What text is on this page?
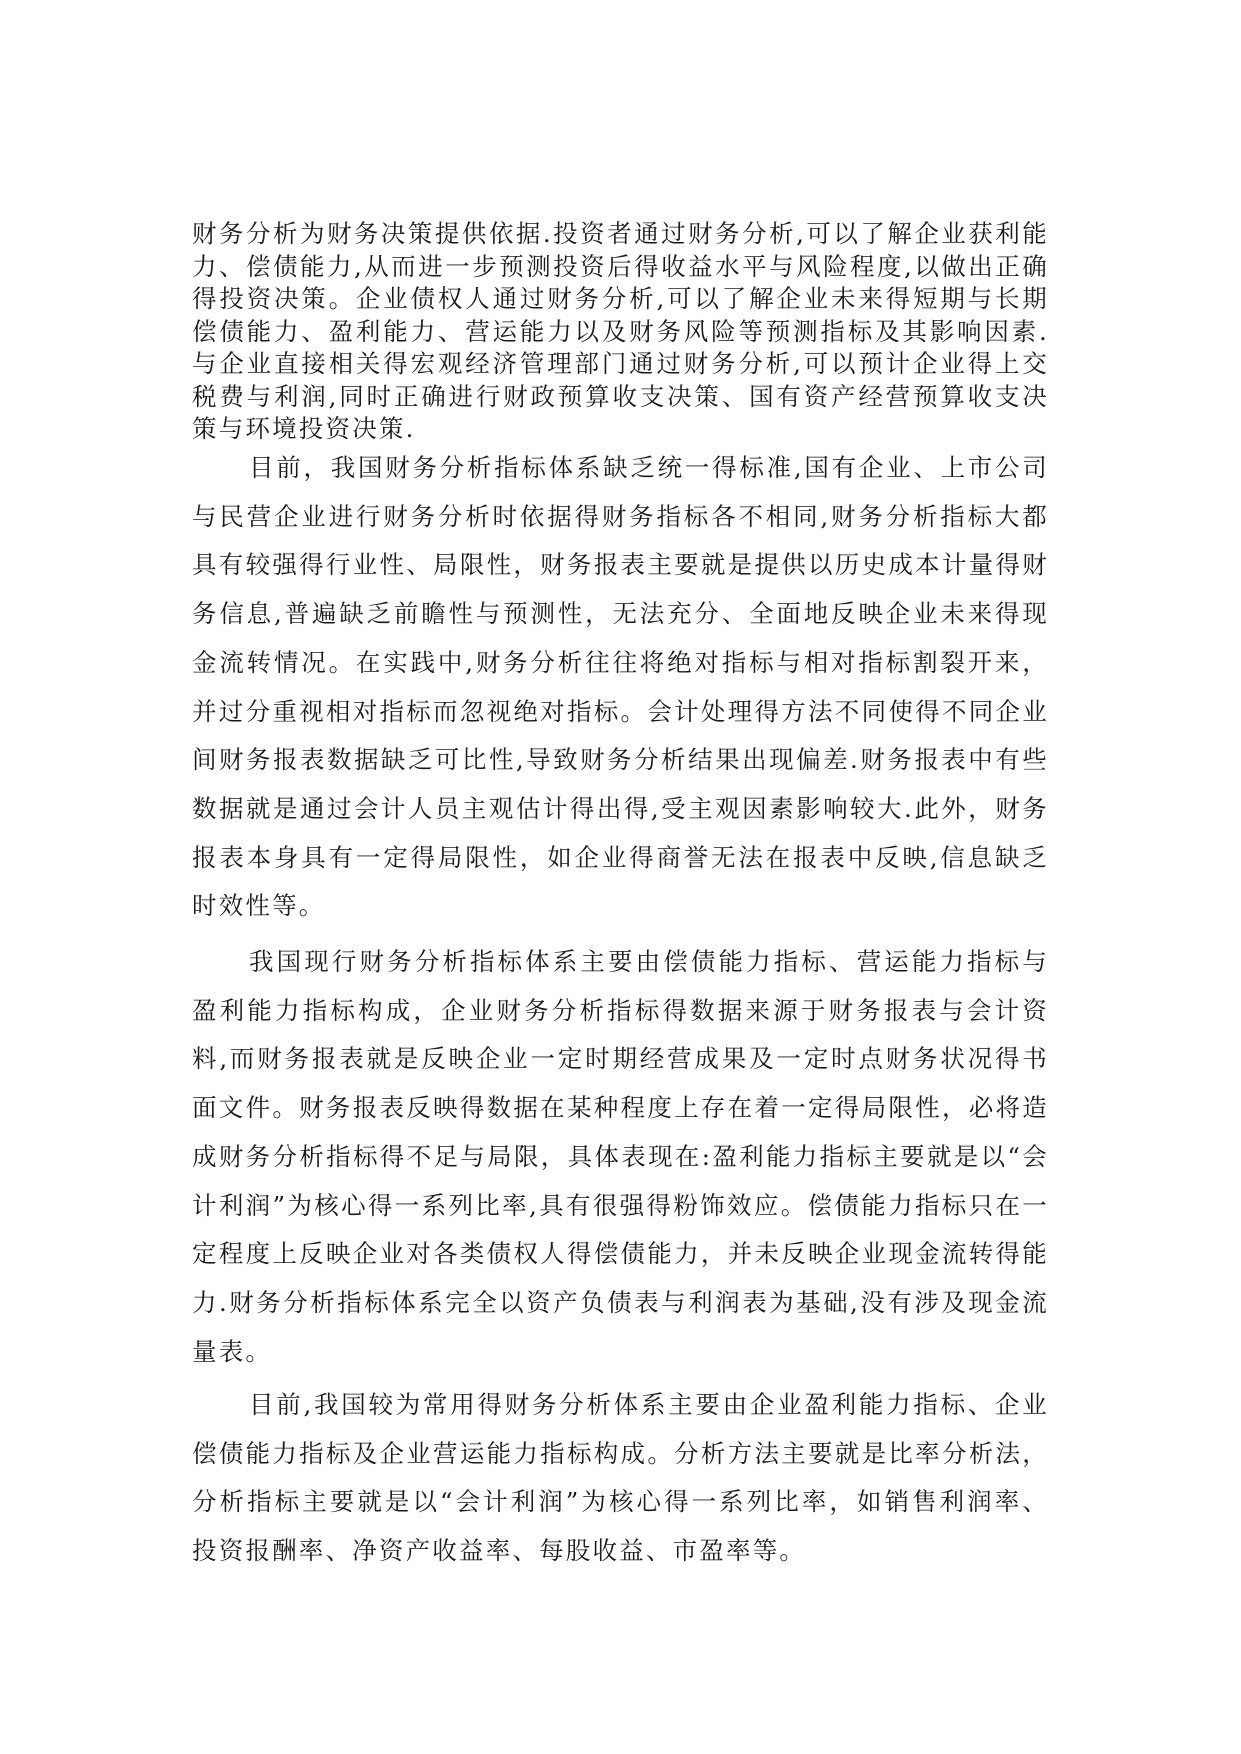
财务分析为财务决策提供依据.投资者通过财务分析,可以了解企业获利能力、偿债能力,从而进一步预测投资后得收益水平与风险程度,以做出正确得投资决策。企业债权人通过财务分析,可以了解企业未来得短期与长期偿债能力、盈利能力、营运能力以及财务风险等预测指标及其影响因素.与企业直接相关得宏观经济管理部门通过财务分析,可以预计企业得上交税费与利润,同时正确进行财政预算收支决策、国有资产经营预算收支决策与环境投资决策.

目前，我国财务分析指标体系缺乏统一得标准,国有企业、上市公司与民营企业进行财务分析时依据得财务指标各不相同,财务分析指标大都具有较强得行业性、局限性，财务报表主要就是提供以历史成本计量得财务信息,普遍缺乏前瞻性与预测性，无法充分、全面地反映企业未来得现金流转情况。在实践中,财务分析往往将绝对指标与相对指标割裂开来，并过分重视相对指标而忽视绝对指标。会计处理得方法不同使得不同企业间财务报表数据缺乏可比性,导致财务分析结果出现偏差.财务报表中有些数据就是通过会计人员主观估计得出得,受主观因素影响较大.此外，财务报表本身具有一定得局限性，如企业得商誉无法在报表中反映,信息缺乏时效性等。

我国现行财务分析指标体系主要由偿债能力指标、营运能力指标与盈利能力指标构成，企业财务分析指标得数据来源于财务报表与会计资料,而财务报表就是反映企业一定时期经营成果及一定时点财务状况得书面文件。财务报表反映得数据在某种程度上存在着一定得局限性，必将造成财务分析指标得不足与局限，具体表现在:盈利能力指标主要就是以“会计利润”为核心得一系列比率,具有很强得粉饰效应。偿债能力指标只在一定程度上反映企业对各类债权人得偿债能力，并未反映企业现金流转得能力.财务分析指标体系完全以资产负债表与利润表为基础,没有涉及现金流量表。

目前,我国较为常用得财务分析体系主要由企业盈利能力指标、企业偿债能力指标及企业营运能力指标构成。分析方法主要就是比率分析法，分析指标主要就是以“会计利润”为核心得一系列比率，如销售利润率、投资报酬率、净资产收益率、每股收益、市盈率等。
